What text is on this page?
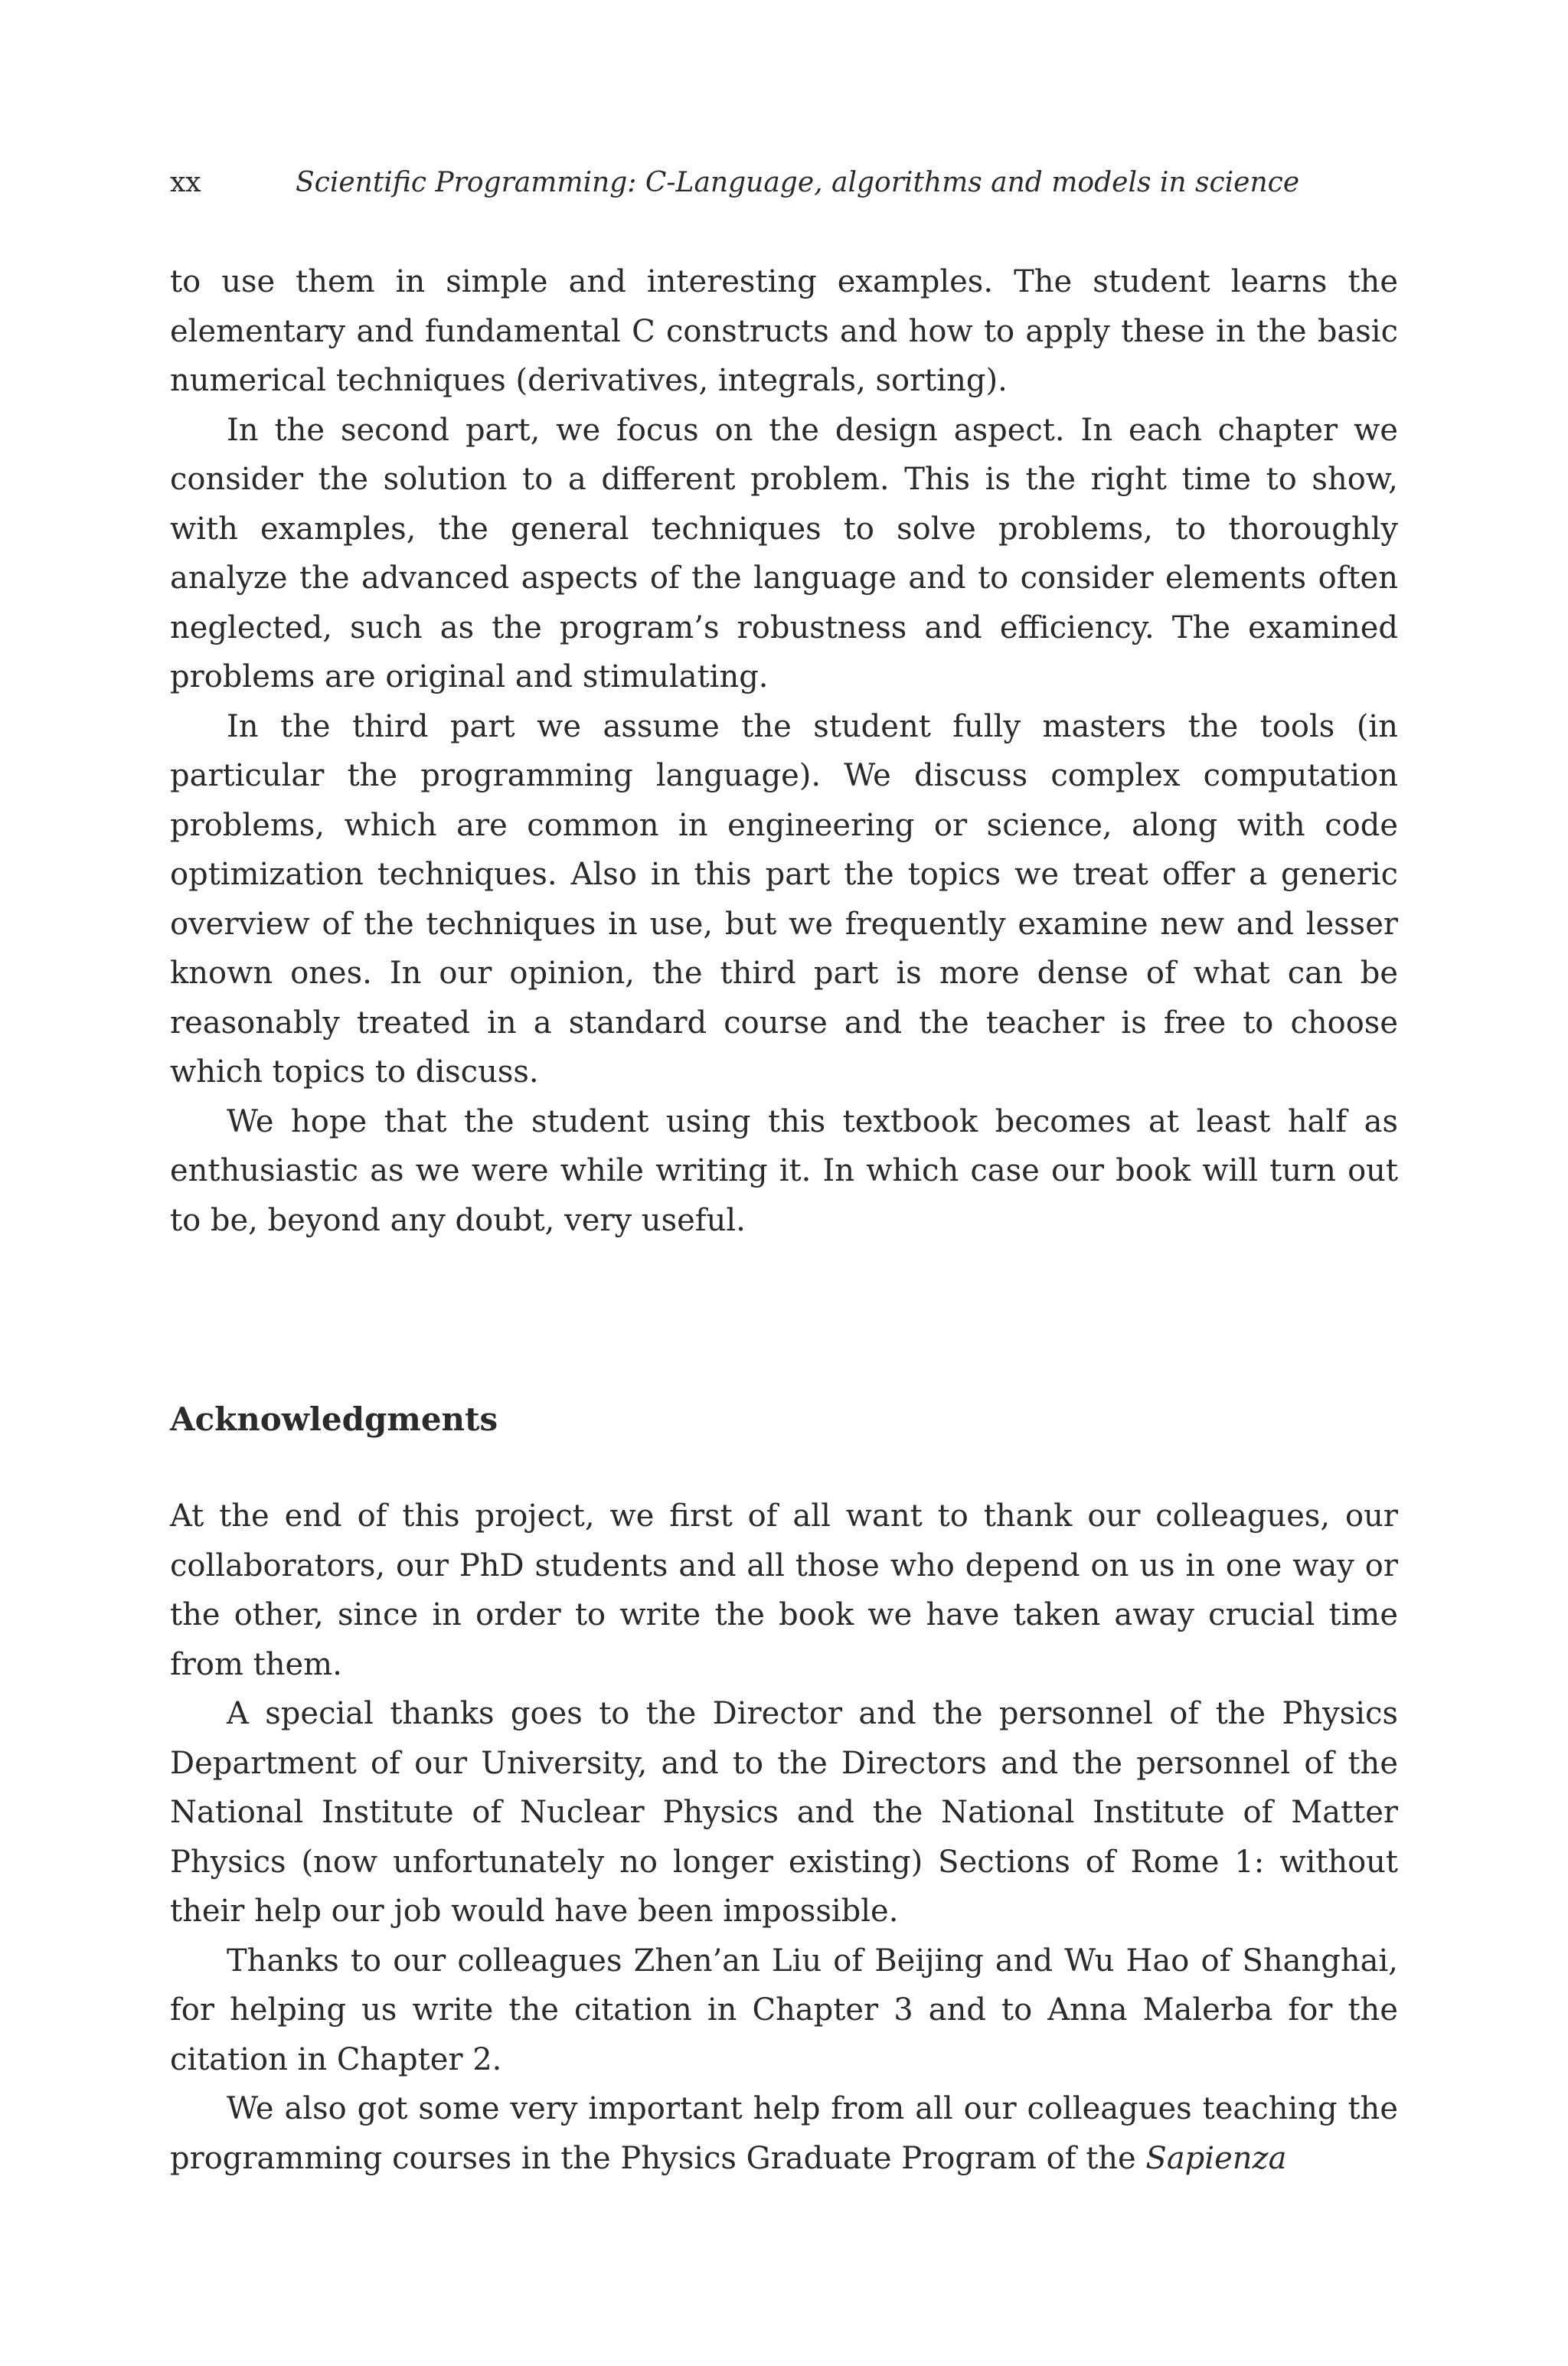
xx	Scientific Programming: C-Language, algorithms and models in science

to use them in simple and interesting examples. The student learns the elementary and fundamental C constructs and how to apply these in the basic numerical techniques (derivatives, integrals, sorting).

In the second part, we focus on the design aspect. In each chapter we consider the solution to a different problem. This is the right time to show, with examples, the general techniques to solve problems, to thoroughly analyze the advanced aspects of the language and to consider elements often neglected, such as the program’s robustness and efficiency. The examined problems are original and stimulating.

In the third part we assume the student fully masters the tools (in particular the programming language). We discuss complex computation problems, which are common in engineering or science, along with code optimization techniques. Also in this part the topics we treat offer a generic overview of the techniques in use, but we frequently examine new and lesser known ones. In our opinion, the third part is more dense of what can be reasonably treated in a standard course and the teacher is free to choose which topics to discuss.

We hope that the student using this textbook becomes at least half as enthusiastic as we were while writing it. In which case our book will turn out to be, beyond any doubt, very useful.

Acknowledgments

At the end of this project, we first of all want to thank our colleagues, our collaborators, our PhD students and all those who depend on us in one way or the other, since in order to write the book we have taken away crucial time from them.

A special thanks goes to the Director and the personnel of the Physics Department of our University, and to the Directors and the personnel of the National Institute of Nuclear Physics and the National Institute of Matter Physics (now unfortunately no longer existing) Sections of Rome 1: without their help our job would have been impossible.

Thanks to our colleagues Zhen’an Liu of Beijing and Wu Hao of Shanghai, for helping us write the citation in Chapter 3 and to Anna Malerba for the citation in Chapter 2.

We also got some very important help from all our colleagues teaching the programming courses in the Physics Graduate Program of the Sapienza
